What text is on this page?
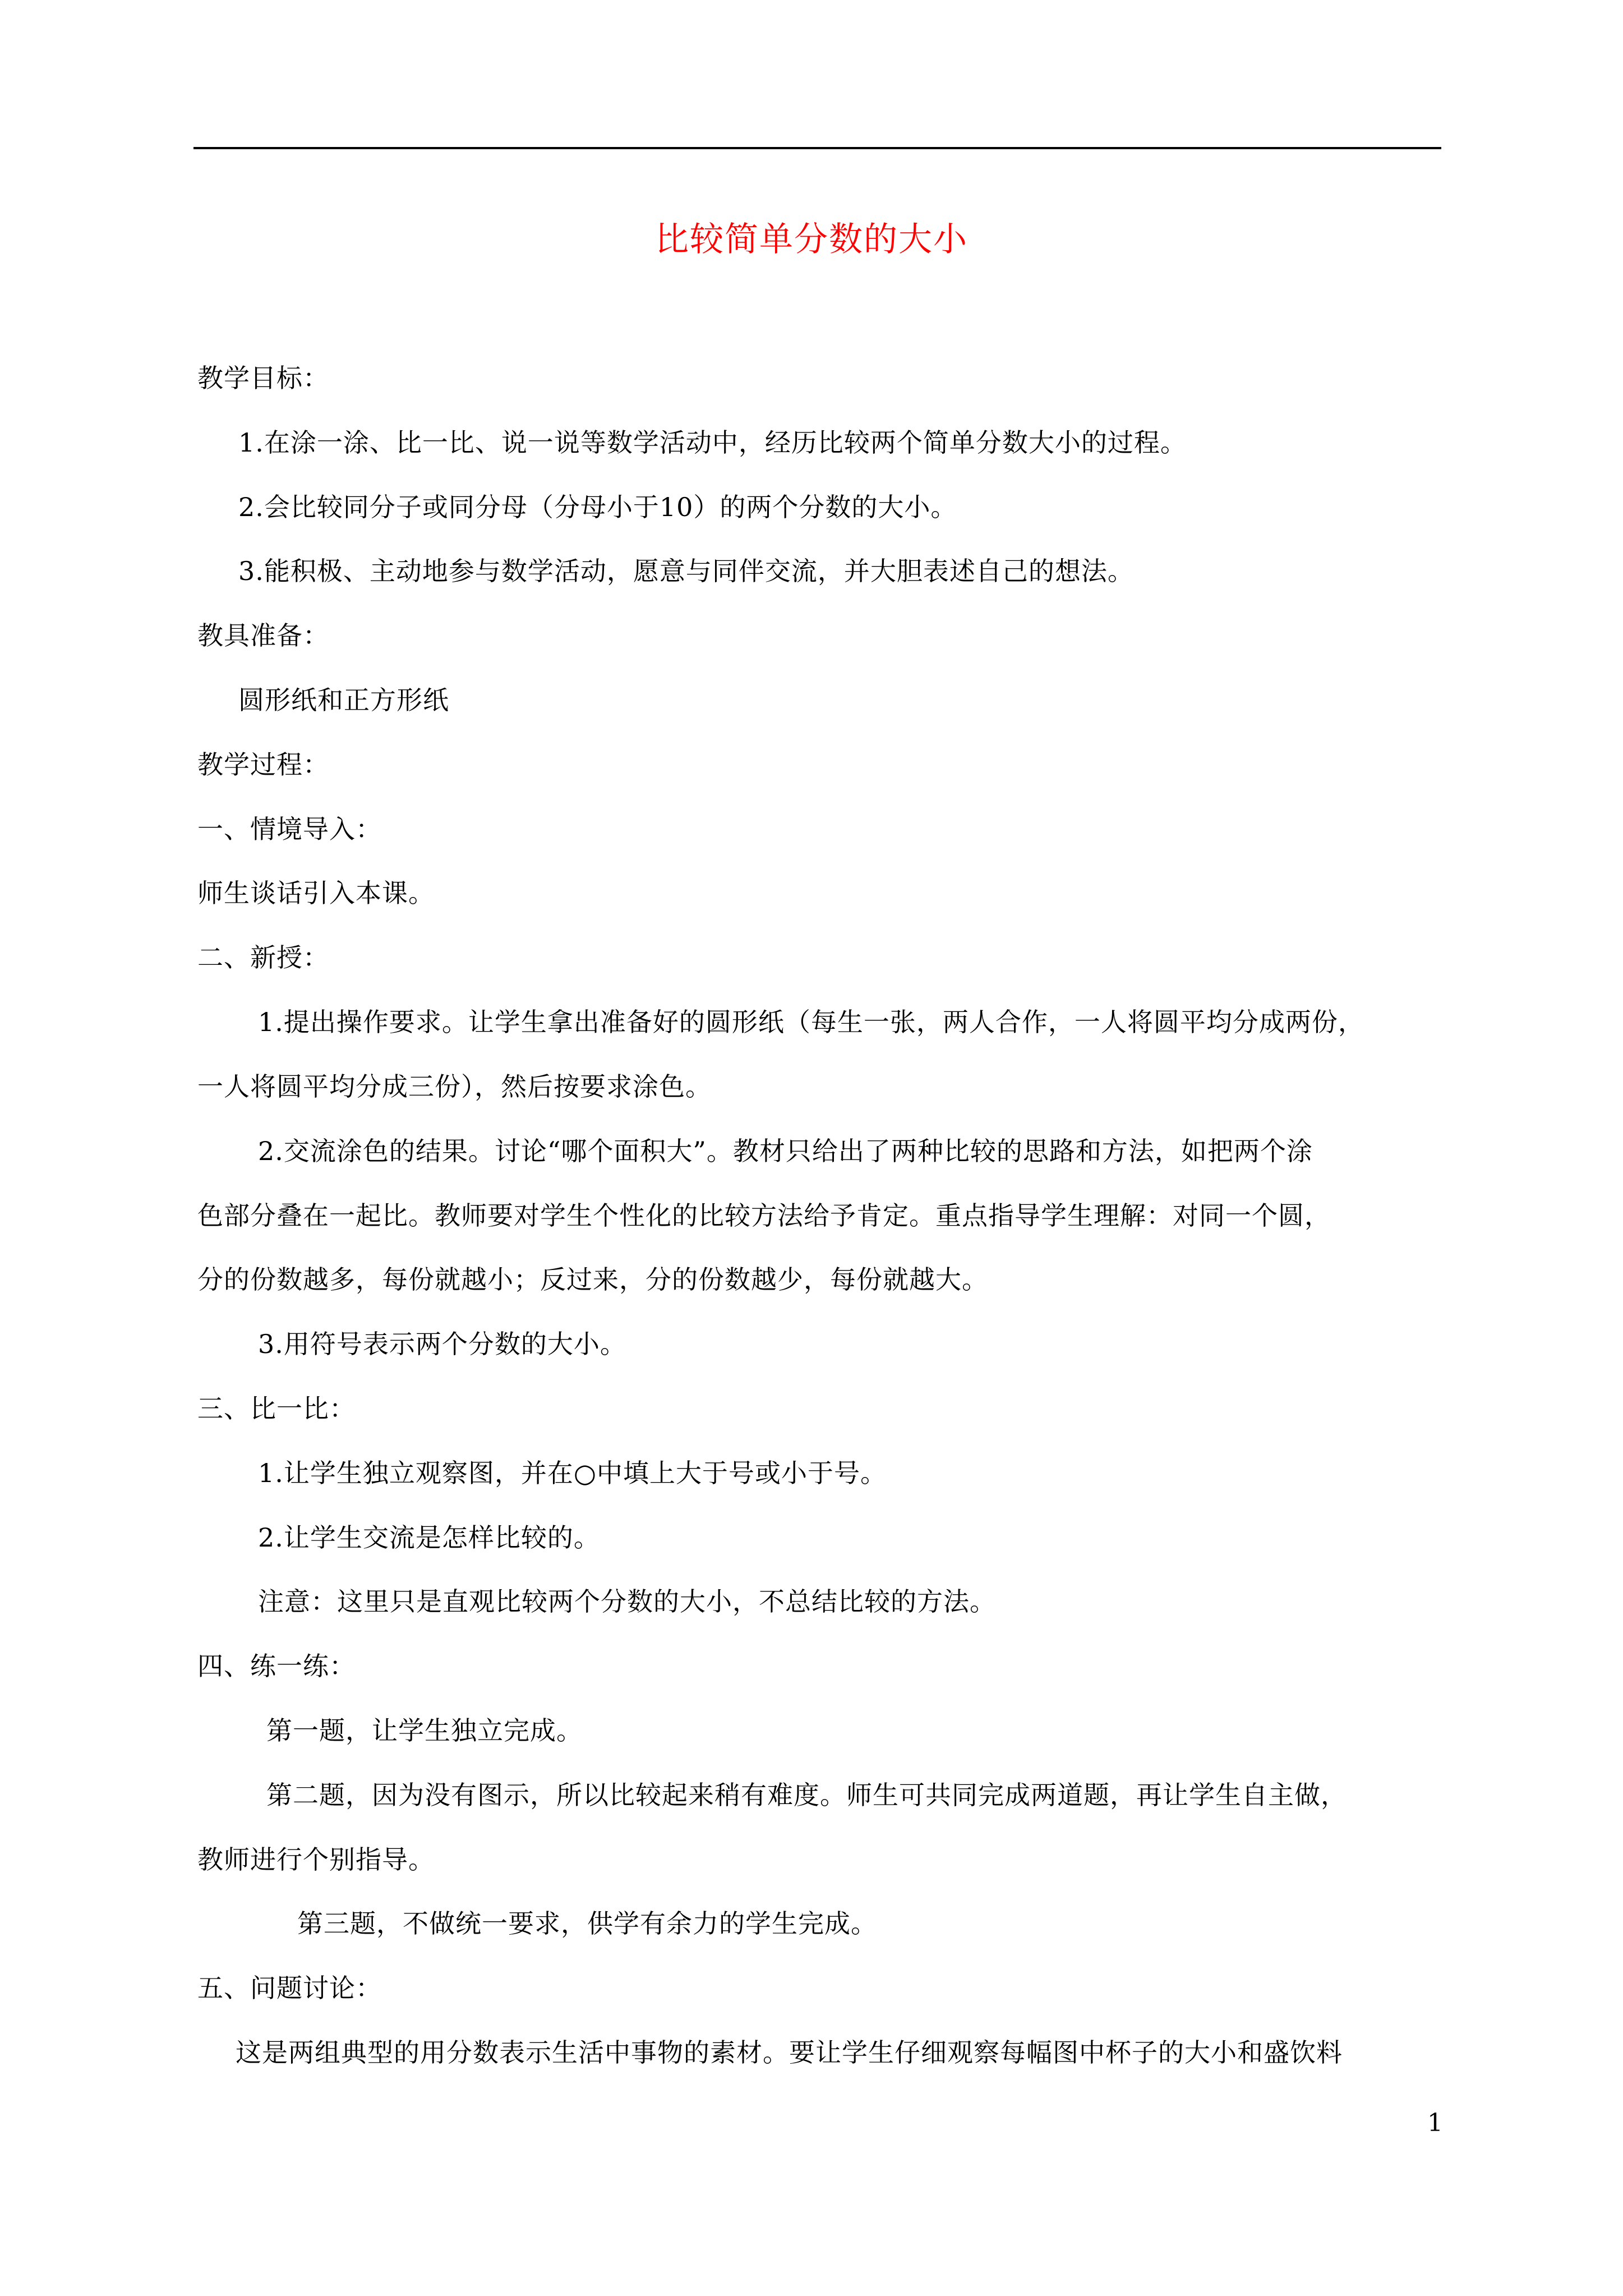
比较简单分数的大小
教学目标：
1.在涂一涂、比一比、说一说等数学活动中，经历比较两个简单分数大小的过程。
2.会比较同分子或同分母（分母小于10）的两个分数的大小。
3.能积极、主动地参与数学活动，愿意与同伴交流，并大胆表述自己的想法。
教具准备：
圆形纸和正方形纸
教学过程：
一、情境导入：
师生谈话引入本课。
二、新授：
1.提出操作要求。让学生拿出准备好的圆形纸（每生一张，两人合作，一人将圆平均分成两份，
一人将圆平均分成三份），然后按要求涂色。
2.交流涂色的结果。讨论“哪个面积大”。教材只给出了两种比较的思路和方法，如把两个涂
色部分叠在一起比。教师要对学生个性化的比较方法给予肯定。重点指导学生理解：对同一个圆，
分的份数越多，每份就越小；反过来，分的份数越少，每份就越大。
3.用符号表示两个分数的大小。
三、比一比：
1.让学生独立观察图，并在○中填上大于号或小于号。
2.让学生交流是怎样比较的。
注意：这里只是直观比较两个分数的大小，不总结比较的方法。
四、练一练：
第一题，让学生独立完成。
第二题，因为没有图示，所以比较起来稍有难度。师生可共同完成两道题，再让学生自主做，
教师进行个别指导。
第三题，不做统一要求，供学有余力的学生完成。
五、问题讨论：
这是两组典型的用分数表示生活中事物的素材。要让学生仔细观察每幅图中杯子的大小和盛饮料
1
